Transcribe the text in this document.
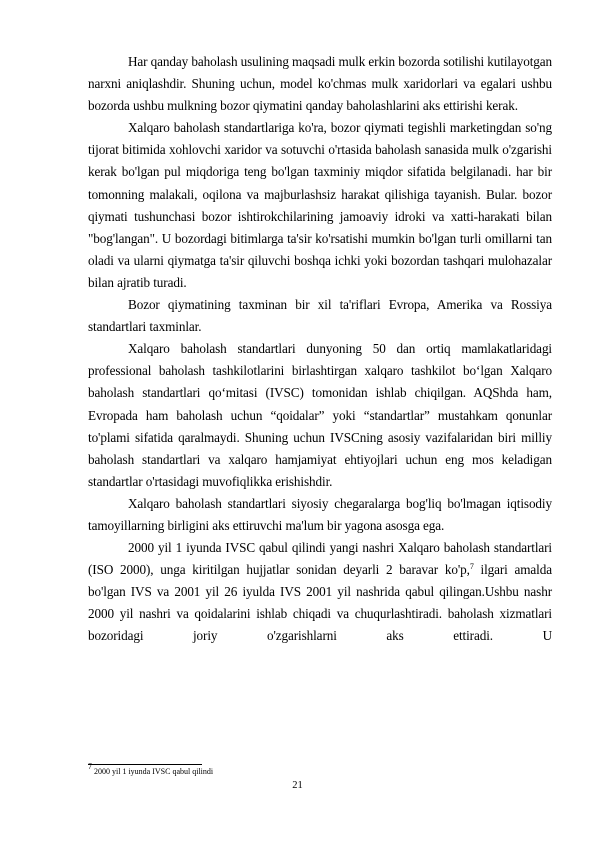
Har qanday baholash usulining maqsadi mulk erkin bozorda sotilishi kutilayotgan narxni aniqlashdir. Shuning uchun, model ko'chmas mulk xaridorlari va egalari ushbu bozorda ushbu mulkning bozor qiymatini qanday baholashlarini aks ettirishi kerak.

Xalqaro baholash standartlariga ko'ra, bozor qiymati tegishli marketingdan so'ng tijorat bitimida xohlovchi xaridor va sotuvchi o'rtasida baholash sanasida mulk o'zgarishi kerak bo'lgan pul miqdoriga teng bo'lgan taxminiy miqdor sifatida belgilanadi. har bir tomonning malakali, oqilona va majburlashsiz harakat qilishiga tayanish. Bular. bozor qiymati tushunchasi bozor ishtirokchilarining jamoaviy idroki va xatti-harakati bilan "bog'langan". U bozordagi bitimlarga ta'sir ko'rsatishi mumkin bo'lgan turli omillarni tan oladi va ularni qiymatga ta'sir qiluvchi boshqa ichki yoki bozordan tashqari mulohazalar bilan ajratib turadi.

Bozor qiymatining taxminan bir xil ta'riflari Evropa, Amerika va Rossiya standartlari taxminlar.

Xalqaro baholash standartlari dunyoning 50 dan ortiq mamlakatlaridagi professional baholash tashkilotlarini birlashtirgan xalqaro tashkilot bo‘lgan Xalqaro baholash standartlari qo‘mitasi (IVSC) tomonidan ishlab chiqilgan. AQShda ham, Evropada ham baholash uchun “qoidalar” yoki “standartlar” mustahkam qonunlar to'plami sifatida qaralmaydi. Shuning uchun IVSCning asosiy vazifalaridan biri milliy baholash standartlari va xalqaro hamjamiyat ehtiyojlari uchun eng mos keladigan standartlar o'rtasidagi muvofiqlikka erishishdir.

Xalqaro baholash standartlari siyosiy chegaralarga bog'liq bo'lmagan iqtisodiy tamoyillarning birligini aks ettiruvchi ma'lum bir yagona asosga ega.

2000 yil 1 iyunda IVSC qabul qilindi yangi nashri Xalqaro baholash standartlari (ISO 2000), unga kiritilgan hujjatlar sonidan deyarli 2 baravar ko'p,$^7$ ilgari amalda bo'lgan IVS va 2001 yil 26 iyulda IVS 2001 yil nashrida qabul qilingan.Ushbu nashr 2000 yil nashri va qoidalarini ishlab chiqadi va chuqurlashtiradi. baholash xizmatlari bozoridagi joriy o'zgarishlarni aks ettiradi. U

$^7$ 2000 yil 1 iyunda IVSC qabul qilindi
21
